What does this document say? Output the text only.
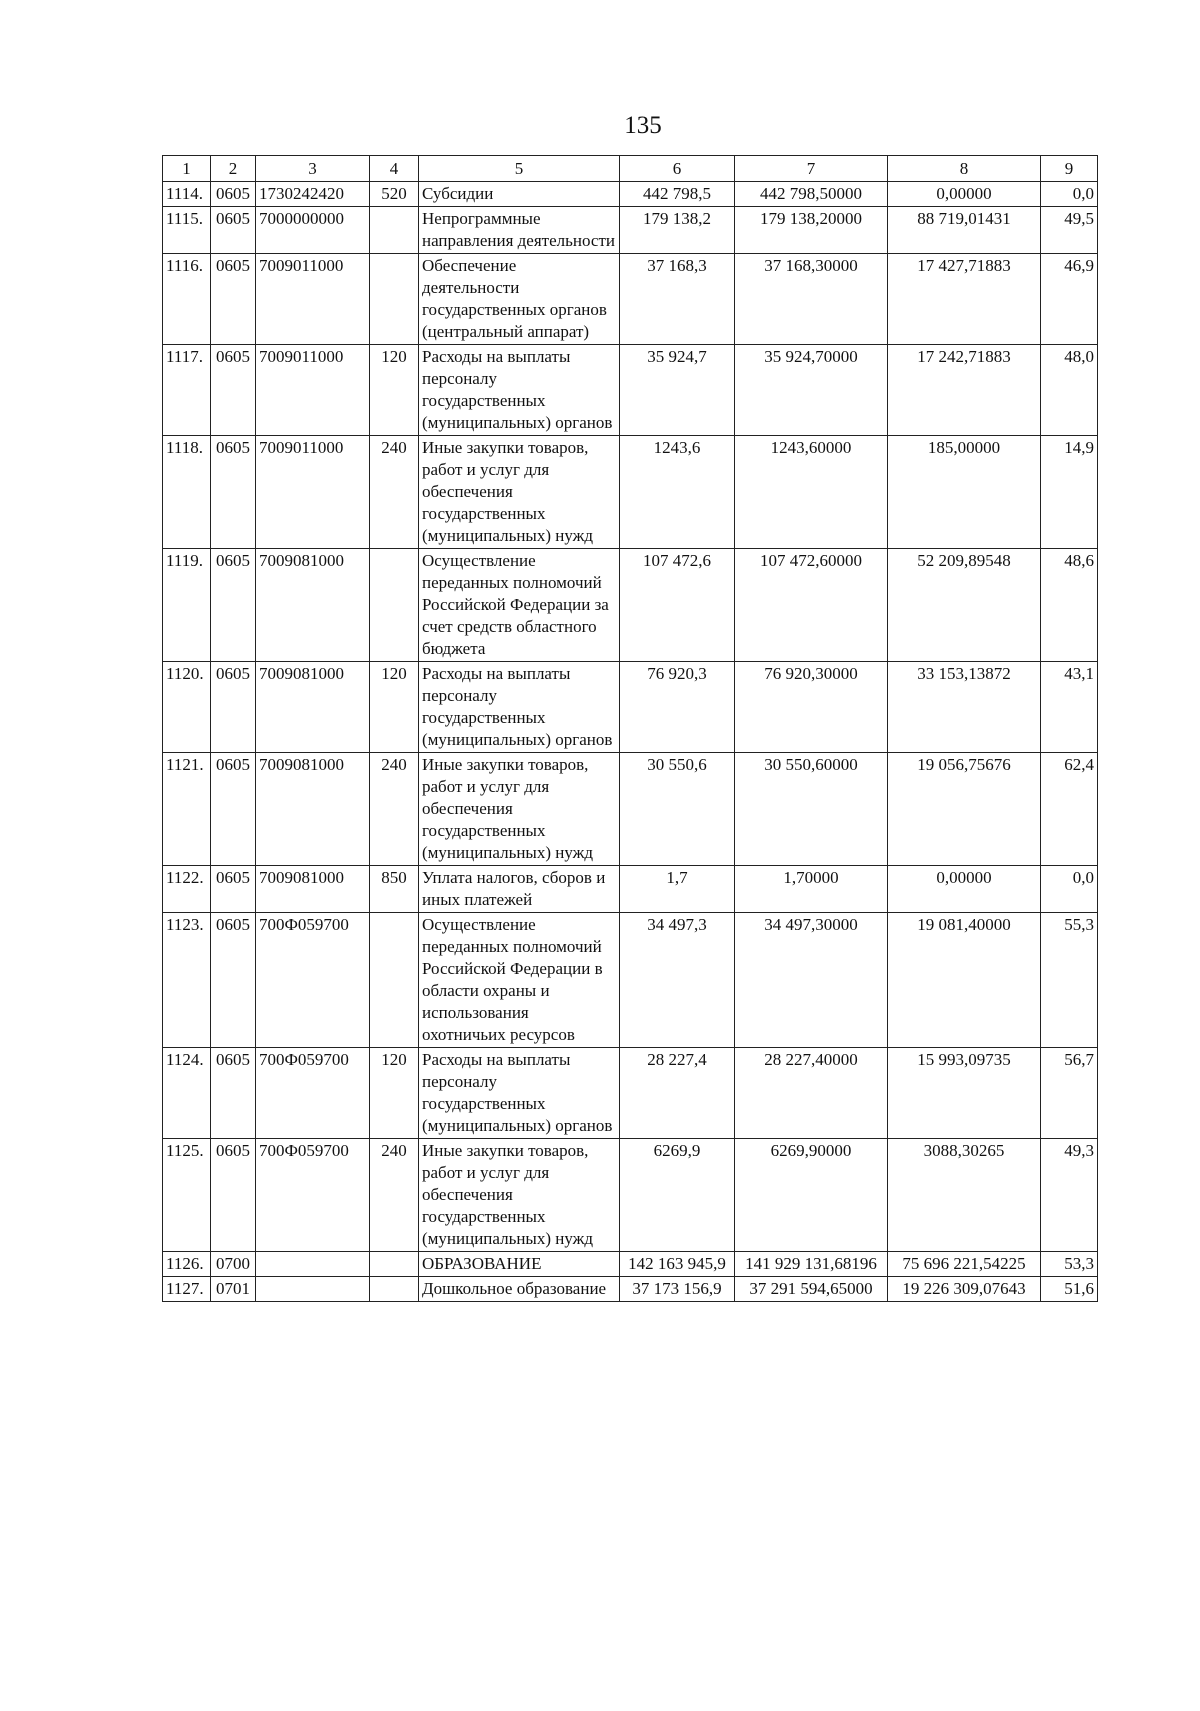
135
1	2	3	4	5	6	7	8	9
1114.	0605	1730242420	520	Субсидии	442 798,5	442 798,50000	0,00000	0,0
1115.	0605	7000000000		Непрограммные направления деятельности	179 138,2	179 138,20000	88 719,01431	49,5
1116.	0605	7009011000		Обеспечение деятельности государственных органов (центральный аппарат)	37 168,3	37 168,30000	17 427,71883	46,9
1117.	0605	7009011000	120	Расходы на выплаты персоналу государственных (муниципальных) органов	35 924,7	35 924,70000	17 242,71883	48,0
1118.	0605	7009011000	240	Иные закупки товаров, работ и услуг для обеспечения государственных (муниципальных) нужд	1243,6	1243,60000	185,00000	14,9
1119.	0605	7009081000		Осуществление переданных полномочий Российской Федерации за счет средств областного бюджета	107 472,6	107 472,60000	52 209,89548	48,6
1120.	0605	7009081000	120	Расходы на выплаты персоналу государственных (муниципальных) органов	76 920,3	76 920,30000	33 153,13872	43,1
1121.	0605	7009081000	240	Иные закупки товаров, работ и услуг для обеспечения государственных (муниципальных) нужд	30 550,6	30 550,60000	19 056,75676	62,4
1122.	0605	7009081000	850	Уплата налогов, сборов и иных платежей	1,7	1,70000	0,00000	0,0
1123.	0605	700Ф059700		Осуществление переданных полномочий Российской Федерации в области охраны и использования охотничьих ресурсов	34 497,3	34 497,30000	19 081,40000	55,3
1124.	0605	700Ф059700	120	Расходы на выплаты персоналу государственных (муниципальных) органов	28 227,4	28 227,40000	15 993,09735	56,7
1125.	0605	700Ф059700	240	Иные закупки товаров, работ и услуг для обеспечения государственных (муниципальных) нужд	6269,9	6269,90000	3088,30265	49,3
1126.	0700			ОБРАЗОВАНИЕ	142 163 945,9	141 929 131,68196	75 696 221,54225	53,3
1127.	0701			Дошкольное образование	37 173 156,9	37 291 594,65000	19 226 309,07643	51,6
